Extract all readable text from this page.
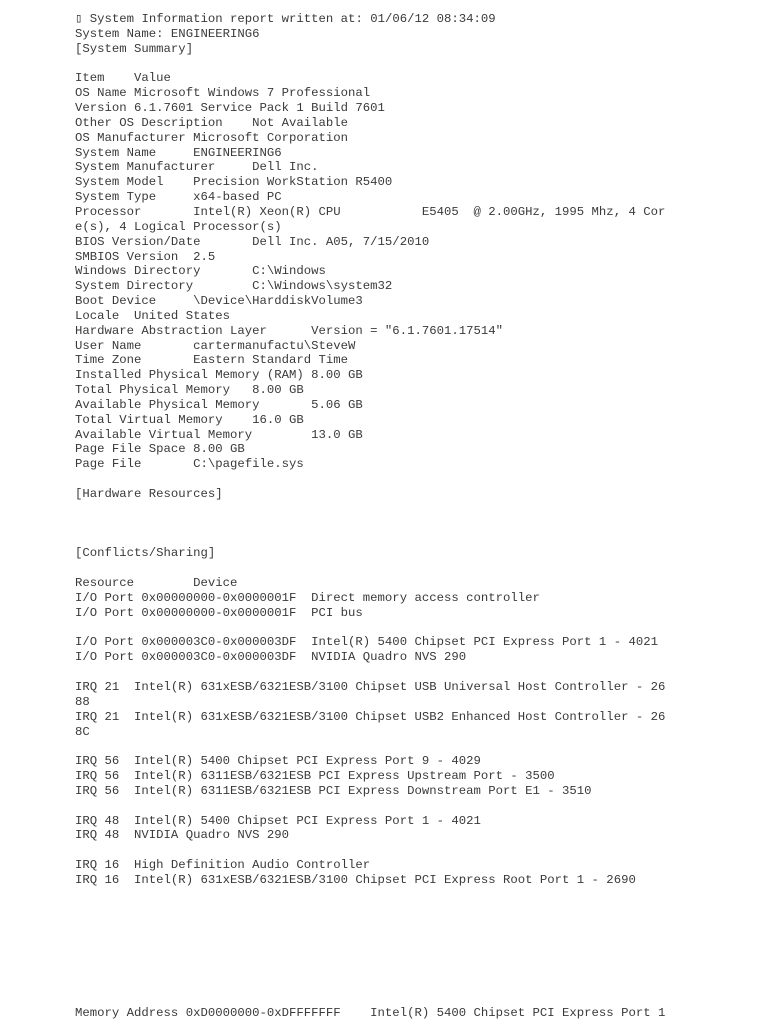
▯ System Information report written at: 01/06/12 08:34:09
System Name: ENGINEERING6
[System Summary]

Item    Value
OS Name Microsoft Windows 7 Professional
Version 6.1.7601 Service Pack 1 Build 7601
Other OS Description    Not Available
OS Manufacturer Microsoft Corporation
System Name     ENGINEERING6
System Manufacturer     Dell Inc.
System Model    Precision WorkStation R5400
System Type     x64-based PC
Processor       Intel(R) Xeon(R) CPU           E5405  @ 2.00GHz, 1995 Mhz, 4 Cor
e(s), 4 Logical Processor(s)
BIOS Version/Date       Dell Inc. A05, 7/15/2010
SMBIOS Version  2.5
Windows Directory       C:\Windows
System Directory        C:\Windows\system32
Boot Device     \Device\HarddiskVolume3
Locale  United States
Hardware Abstraction Layer      Version = "6.1.7601.17514"
User Name       cartermanufactu\SteveW
Time Zone       Eastern Standard Time
Installed Physical Memory (RAM) 8.00 GB
Total Physical Memory   8.00 GB
Available Physical Memory       5.06 GB
Total Virtual Memory    16.0 GB
Available Virtual Memory        13.0 GB
Page File Space 8.00 GB
Page File       C:\pagefile.sys

[Hardware Resources]

[Conflicts/Sharing]

Resource        Device
I/O Port 0x00000000-0x0000001F  Direct memory access controller
I/O Port 0x00000000-0x0000001F  PCI bus

I/O Port 0x000003C0-0x000003DF  Intel(R) 5400 Chipset PCI Express Port 1 - 4021
I/O Port 0x000003C0-0x000003DF  NVIDIA Quadro NVS 290

IRQ 21  Intel(R) 631xESB/6321ESB/3100 Chipset USB Universal Host Controller - 26
88
IRQ 21  Intel(R) 631xESB/6321ESB/3100 Chipset USB2 Enhanced Host Controller - 26
8C

IRQ 56  Intel(R) 5400 Chipset PCI Express Port 9 - 4029
IRQ 56  Intel(R) 6311ESB/6321ESB PCI Express Upstream Port - 3500
IRQ 56  Intel(R) 6311ESB/6321ESB PCI Express Downstream Port E1 - 3510

IRQ 48  Intel(R) 5400 Chipset PCI Express Port 1 - 4021
IRQ 48  NVIDIA Quadro NVS 290

IRQ 16  High Definition Audio Controller
IRQ 16  Intel(R) 631xESB/6321ESB/3100 Chipset PCI Express Root Port 1 - 2690
Memory Address 0xD0000000-0xDFFFFFFF    Intel(R) 5400 Chipset PCI Express Port 1
